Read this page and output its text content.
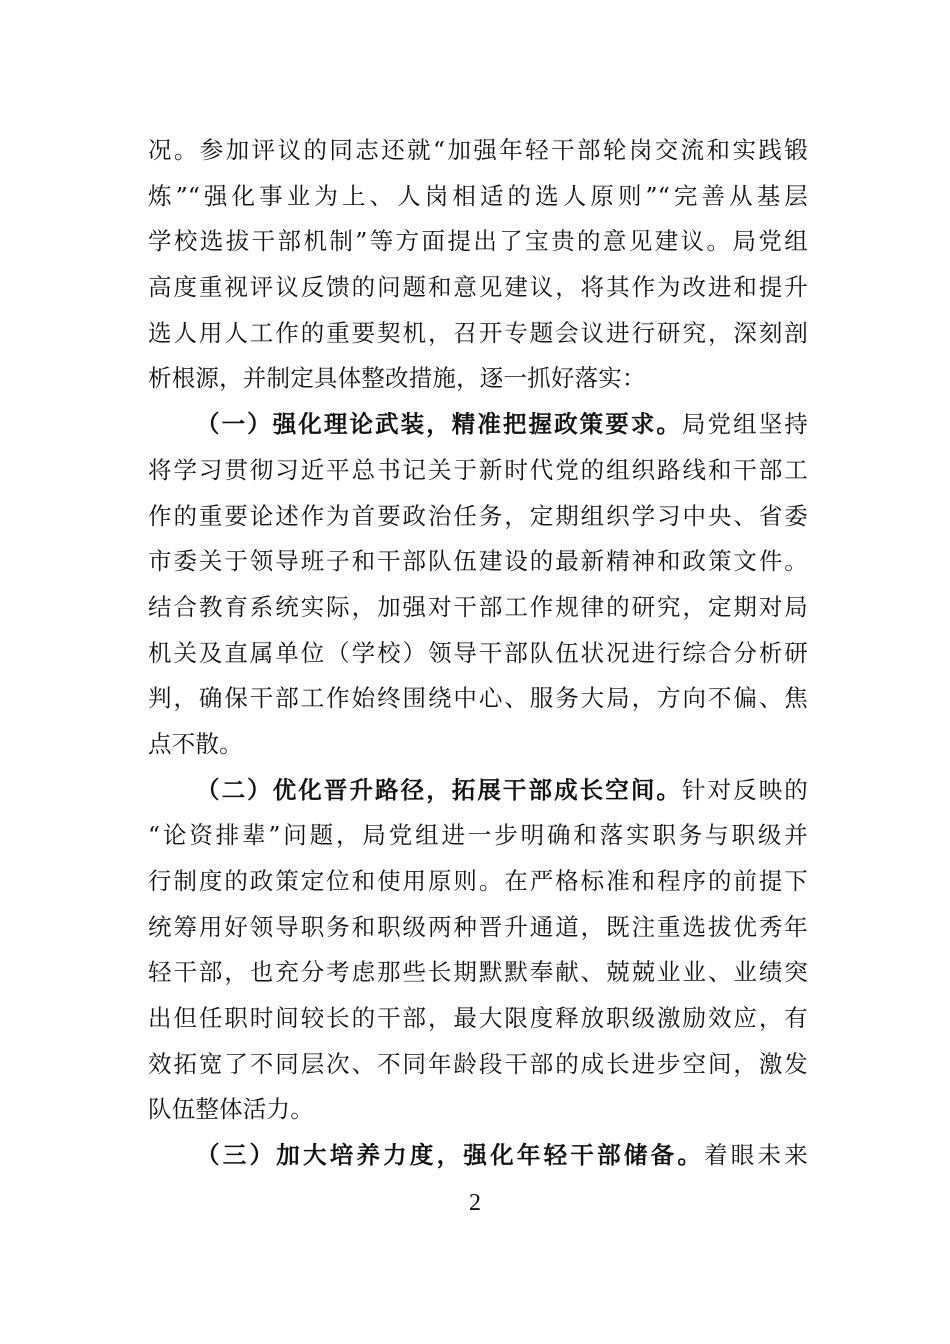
况。参加评议的同志还就“加强年轻干部轮岗交流和实践锻
炼”“强化事业为上、人岗相适的选人原则”“完善从基层
学校选拔干部机制”等方面提出了宝贵的意见建议。局党组
高度重视评议反馈的问题和意见建议，将其作为改进和提升
选人用人工作的重要契机，召开专题会议进行研究，深刻剖
析根源，并制定具体整改措施，逐一抓好落实：
（一）强化理论武装，精准把握政策要求。局党组坚持
将学习贯彻习近平总书记关于新时代党的组织路线和干部工
作的重要论述作为首要政治任务，定期组织学习中央、省委
市委关于领导班子和干部队伍建设的最新精神和政策文件。
结合教育系统实际，加强对干部工作规律的研究，定期对局
机关及直属单位（学校）领导干部队伍状况进行综合分析研
判，确保干部工作始终围绕中心、服务大局，方向不偏、焦
点不散。
（二）优化晋升路径，拓展干部成长空间。针对反映的
“论资排辈”问题，局党组进一步明确和落实职务与职级并
行制度的政策定位和使用原则。在严格标准和程序的前提下
统筹用好领导职务和职级两种晋升通道，既注重选拔优秀年
轻干部，也充分考虑那些长期默默奉献、兢兢业业、业绩突
出但任职时间较长的干部，最大限度释放职级激励效应，有
效拓宽了不同层次、不同年龄段干部的成长进步空间，激发
队伍整体活力。
（三）加大培养力度，强化年轻干部储备。着眼未来
2
